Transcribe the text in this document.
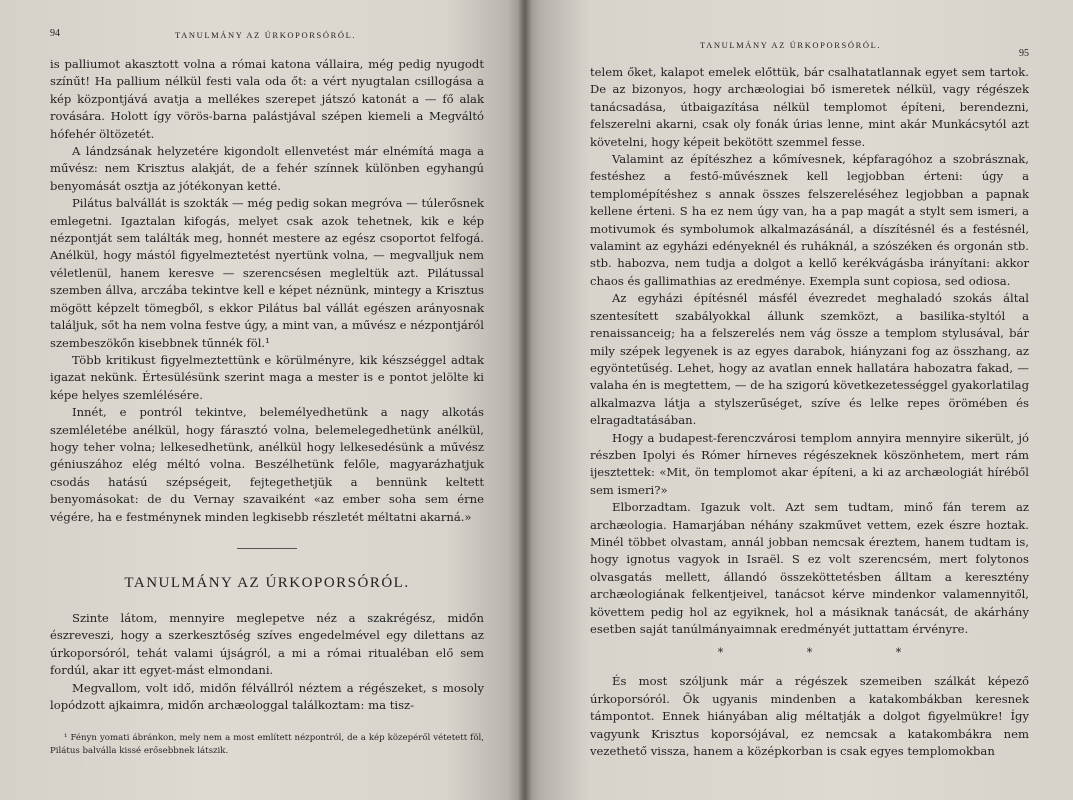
94	TANULMÁNY AZ ÚRKOPORSÓRÓL.

is palliumot akasztott volna a római katona vállaira, még pedig nyugodt színűt! Ha pallium nélkül festi vala oda őt: a vért nyugtalan csillogása a kép központjává avatja a mellékes szerepet játszó katonát a — fő alak rovására. Holott így vörös-barna palástjával szépen kiemeli a Megváltó hófehér öltözetét.

A lándzsának helyzetére kigondolt ellenvetést már elnémítá maga a művész: nem Krisztus alakját, de a fehér színnek különben egyhangú benyomását osztja az jótékonyan ketté.

Pilátus balvállát is szokták — még pedig sokan megróva — túlerősnek emlegetni. Igaztalan kifogás, melyet csak azok tehetnek, kik e kép nézpontját sem találták meg, honnét mestere az egész csoportot felfogá. Anélkül, hogy mástól figyelmeztetést nyertünk volna, — megvalljuk nem véletlenül, hanem keresve — szerencsésen megleltük azt. Pilátussal szemben állva, arczába tekintve kell e képet néznünk, mintegy a Krisztus mögött képzelt tömegből, s ekkor Pilátus bal vállát egészen arányosnak találjuk, sőt ha nem volna festve úgy, a mint van, a művész e nézpontjáról szembeszökőn kisebbnek tűnnék föl.¹

Több kritikust figyelmeztettünk e körülményre, kik készséggel adtak igazat nekünk. Értesülésünk szerint maga a mester is e pontot jelölte ki képe helyes szemlélésére.

Innét, e pontról tekintve, belemélyedhetünk a nagy alkotás szemléletébe anélkül, hogy fárasztó volna, belemelegedhetünk anélkül, hogy teher volna; lelkesedhetünk, anélkül hogy lelkesedésünk a művész géniuszához elég méltó volna. Beszélhetünk felőle, magyarázhatjuk csodás hatású szépségeit, fejtegethetjük a bennünk keltett benyomásokat: de du Vernay szavaiként «az ember soha sem érne végére, ha e festménynek minden legkisebb részletét méltatni akarná.»

TANULMÁNY AZ ÚRKOPORSÓRÓL.

Szinte látom, mennyire meglepetve néz a szakrégész, midőn észreveszi, hogy a szerkesztőség szíves engedelmével egy dilettans az úrkoporsóról, tehát valami újságról, a mi a római ritualéban elő sem fordúl, akar itt egyet-mást elmondani.

Megvallom, volt idő, midőn félvállról néztem a régészeket, s mosoly lopódzott ajkaimra, midőn archæologgal találkoztam: ma tisz-

¹ Fényn yomati ábránkon, mely nem a most említett nézpontról, de a kép közepéről vétetett föl, Pilátus balválla kissé erősebbnek látszik.

TANULMÁNY AZ ÚRKOPORSÓRÓL.
95

telem őket, kalapot emelek előttük, bár csalhatatlannak egyet sem tartok. De az bizonyos, hogy archæologiai bő ismeretek nélkül, vagy régészek tanácsadása, útbaigazítása nélkül templomot építeni, berendezni, felszerelni akarni, csak oly fonák úrias lenne, mint akár Munkácsytól azt követelni, hogy képeit bekötött szemmel fesse.

Valamint az építészhez a kőmívesnek, képfaragóhoz a szobrásznak, festéshez a festő-művésznek kell legjobban érteni: úgy a templomépítéshez s annak összes felszereléséhez legjobban a papnak kellene érteni. S ha ez nem úgy van, ha a pap magát a stylt sem ismeri, a motivumok és symbolumok alkalmazásánál, a díszítésnél és a festésnél, valamint az egyházi edényeknél és ruháknál, a szószéken és orgonán stb. stb. habozva, nem tudja a dolgot a kellő kerékvágásba irányítani: akkor chaos és gallimathias az eredménye. Exempla sunt copiosa, sed odiosa.

Az egyházi építésnél másfél évezredet meghaladó szokás által szentesített szabályokkal állunk szemközt, a basilika-styltól a renaissanceig; ha a felszerelés nem vág össze a templom stylusával, bár mily szépek legyenek is az egyes darabok, hiányzani fog az összhang, az egyöntetűség. Lehet, hogy az avatlan ennek hallatára habozatra fakad, — valaha én is megtettem, — de ha szigorú következetességgel gyakorlatilag alkalmazva látja a stylszerűséget, szíve és lelke repes örömében és elragadtatásában.

Hogy a budapest-ferenczvárosi templom annyira mennyire sikerült, jó részben Ipolyi és Rómer hírneves régészeknek köszönhetem, mert rám ijesztettek: «Mit, ön templomot akar építeni, a ki az archæologiát híréből sem ismeri?»

Elborzadtam. Igazuk volt. Azt sem tudtam, minő fán terem az archæologia. Hamarjában néhány szakművet vettem, ezek észre hoztak. Minél többet olvastam, annál jobban nemcsak éreztem, hanem tudtam is, hogy ignotus vagyok in Israël. S ez volt szerencsém, mert folytonos olvasgatás mellett, állandó összeköttetésben álltam a keresztény archæologiának felkentjeivel, tanácsot kérve mindenkor valamennyitől, követtem pedig hol az egyiknek, hol a másiknak tanácsát, de akárhány esetben saját tanúlmányaimnak eredményét juttattam érvényre.

* * *

És most szóljunk már a régészek szemeiben szálkát képező úrkoporsóról. Ők ugyanis mindenben a katakombákban keresnek támpontot. Ennek hiányában alig méltatják a dolgot figyelmükre! Így vagyunk Krisztus koporsójával, ez nemcsak a katakombákra nem vezethető vissza, hanem a középkorban is csak egyes templomokban
